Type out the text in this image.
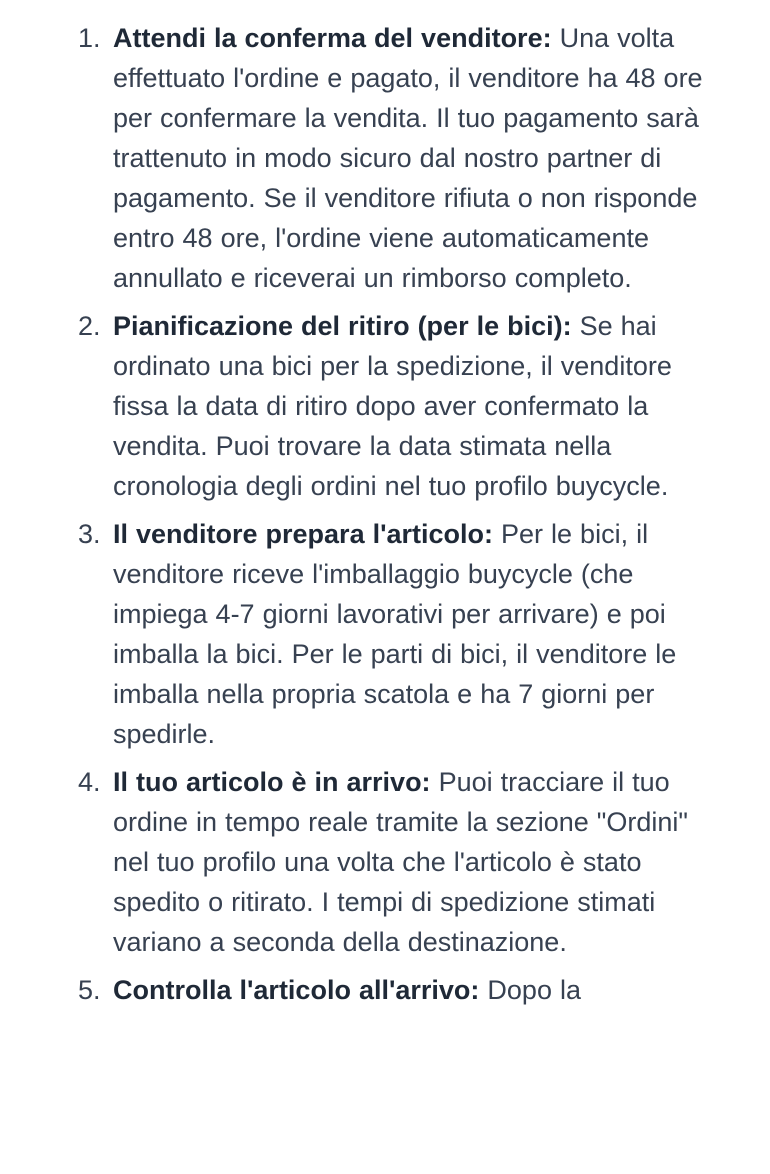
1. Attendi la conferma del venditore: Una volta effettuato l'ordine e pagato, il venditore ha 48 ore per confermare la vendita. Il tuo pagamento sarà trattenuto in modo sicuro dal nostro partner di pagamento. Se il venditore rifiuta o non risponde entro 48 ore, l'ordine viene automaticamente annullato e riceverai un rimborso completo.
2. Pianificazione del ritiro (per le bici): Se hai ordinato una bici per la spedizione, il venditore fissa la data di ritiro dopo aver confermato la vendita. Puoi trovare la data stimata nella cronologia degli ordini nel tuo profilo buycycle.
3. Il venditore prepara l'articolo: Per le bici, il venditore riceve l'imballaggio buycycle (che impiega 4-7 giorni lavorativi per arrivare) e poi imballa la bici. Per le parti di bici, il venditore le imballa nella propria scatola e ha 7 giorni per spedirle.
4. Il tuo articolo è in arrivo: Puoi tracciare il tuo ordine in tempo reale tramite la sezione "Ordini" nel tuo profilo una volta che l'articolo è stato spedito o ritirato. I tempi di spedizione stimati variano a seconda della destinazione.
5. Controlla l'articolo all'arrivo: Dopo la
